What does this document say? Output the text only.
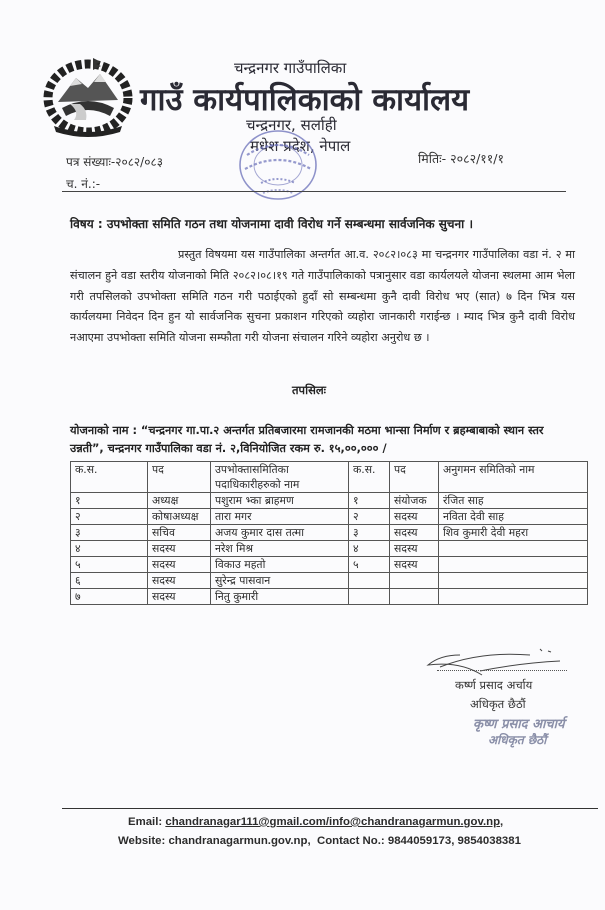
चन्द्रनगर गाउँपालिका
गाउँ कार्यपालिकाको कार्यालय
चन्द्रनगर, सर्लाही
मधेश प्रदेश, नेपाल
पत्र संख्याः-२०८२/०८३
च. नं.:-
मितिः- २०८२/११/१
विषय : उपभोक्ता समिति गठन तथा योजनामा दावी विरोध गर्ने सम्बन्धमा सार्वजनिक सुचना ।
प्रस्तुत विषयमा यस गाउँपालिका अन्तर्गत आ.व. २०८२।०८३ मा चन्द्रनगर गाउँपालिका वडा नं. २ मा संचालन हुने वडा स्तरीय योजनाको मिति २०८२।०८।१९ गते गाउँपालिकाको पत्रानुसार वडा कार्यलयले योजना स्थलमा आम भेला गरी तपसिलको उपभोक्ता समिति गठन गरी पठाईएको हुदाँ सो सम्बन्धमा कुनै दावी विरोध भए (सात) ७ दिन भित्र यस कार्यलयमा निवेदन दिन हुन यो सार्वजनिक सुचना प्रकाशन गरिएको व्यहोरा जानकारी गराईन्छ । म्याद भित्र कुनै दावी विरोध नआएमा उपभोक्ता समिति योजना सम्फौता गरी योजना संचालन गरिने व्यहोरा अनुरोध छ ।
तपसिलः
योजनाको नाम : “चन्द्रनगर गा.पा.२ अन्तर्गत प्रतिबजारमा रामजानकी मठमा भान्सा निर्माण र ब्रहम्बाबाको स्थान स्तर उन्नती”, चन्द्रनगर गाउँपालिका वडा नं. २,विनियोजित रकम रु. १५,००,००० /
क.स.	पद	उपभोक्तासमितिका पदाधिकारीहरुको नाम	क.स.	पद	अनुगमन समितिको नाम
१	अध्यक्ष	पशुराम भ्का ब्राहमण	१	संयोजक	रंजित साह
२	कोषाअध्यक्ष	तारा मगर	२	सदस्य	नविता देवी साह
३	सचिव	अजय कुमार दास तत्मा	३	सदस्य	शिव कुमारी देवी महरा
४	सदस्य	नरेश मिश्र	४	सदस्य	
५	सदस्य	विकाउ महतो	५	सदस्य	
६	सदस्य	सुरेन्द्र पासवान			
७	सदस्य	नितु कुमारी			
कर्ष्ण प्रसाद अर्चाय
अधिकृत छैठौं
कृष्ण प्रसाद आचार्य
अधिकृत छैठौं
Email: chandranagar111@gmail.com/info@chandranagarmun.gov.np,
Website: chandranagarmun.gov.np, Contact No.: 9844059173, 9854038381
